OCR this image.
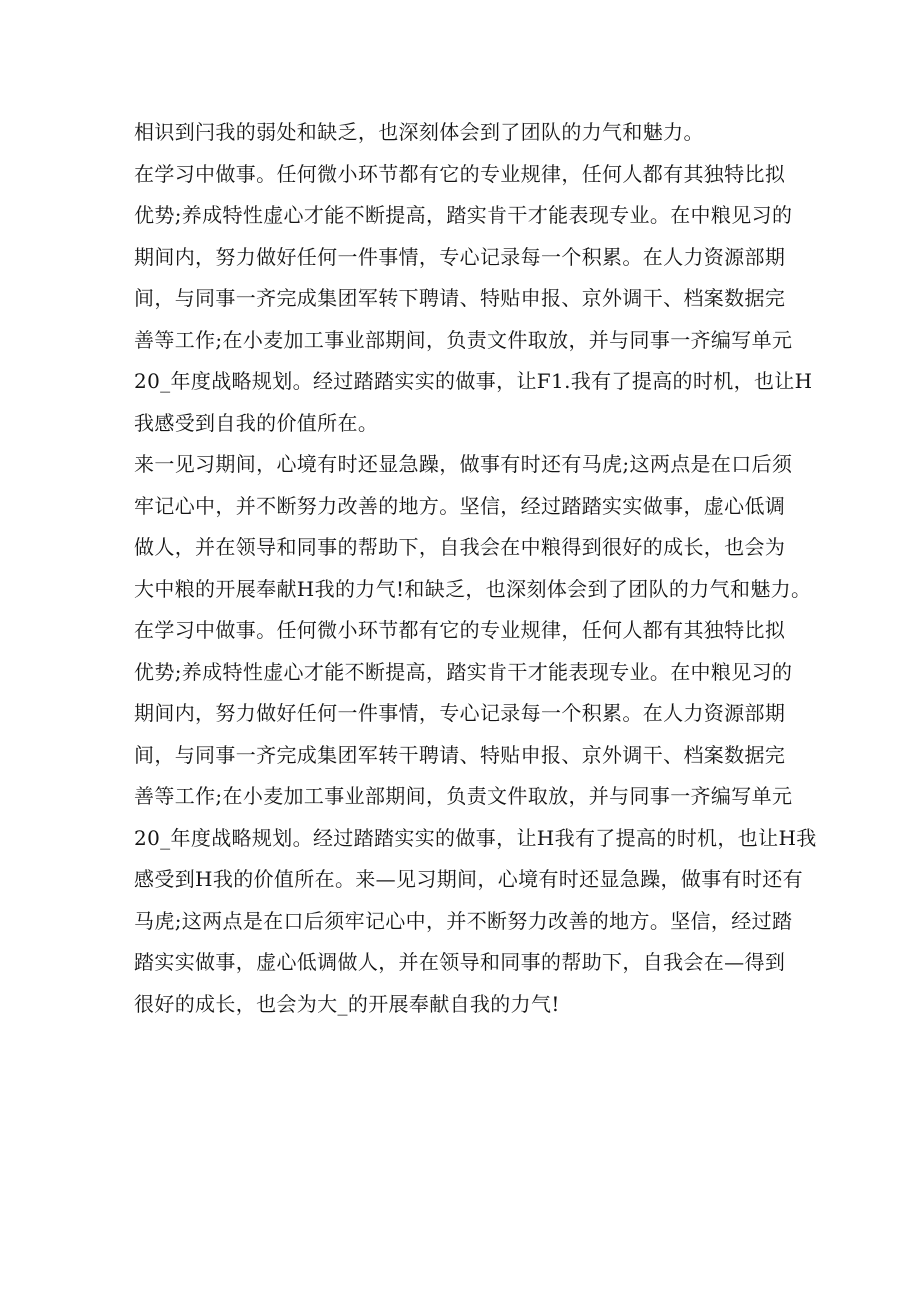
相识到闩我的弱处和缺乏，也深刻体会到了团队的力气和魅力。
在学习中做事。任何微小环节都有它的专业规律，任何人都有其独特比拟
优势;养成特性虚心才能不断提高，踏实肯干才能表现专业。在中粮见习的
期间内，努力做好任何一件事情，专心记录每一个积累。在人力资源部期
间，与同事一齐完成集团军转下聘请、特贴申报、京外调干、档案数据完
善等工作;在小麦加工事业部期间，负责文件取放，并与同事一齐编写单元
20_年度战略规划。经过踏踏实实的做事，让F1.我有了提高的时机，也让H
我感受到自我的价值所在。
来一见习期间，心境有时还显急躁，做事有时还有马虎;这两点是在口后须
牢记心中，并不断努力改善的地方。坚信，经过踏踏实实做事，虚心低调
做人，并在领导和同事的帮助下，自我会在中粮得到很好的成长，也会为
大中粮的开展奉献H我的力气!和缺乏，也深刻体会到了团队的力气和魅力。
在学习中做事。任何微小环节都有它的专业规律，任何人都有其独特比拟
优势;养成特性虚心才能不断提高，踏实肯干才能表现专业。在中粮见习的
期间内，努力做好任何一件事情，专心记录每一个积累。在人力资源部期
间，与同事一齐完成集团军转干聘请、特贴申报、京外调干、档案数据完
善等工作;在小麦加工事业部期间，负责文件取放，并与同事一齐编写单元
20_年度战略规划。经过踏踏实实的做事，让H我有了提高的时机，也让H我
感受到H我的价值所在。来—见习期间，心境有时还显急躁，做事有时还有
马虎;这两点是在口后须牢记心中，并不断努力改善的地方。坚信，经过踏
踏实实做事，虚心低调做人，并在领导和同事的帮助下，自我会在—得到
很好的成长，也会为大_的开展奉献自我的力气!
